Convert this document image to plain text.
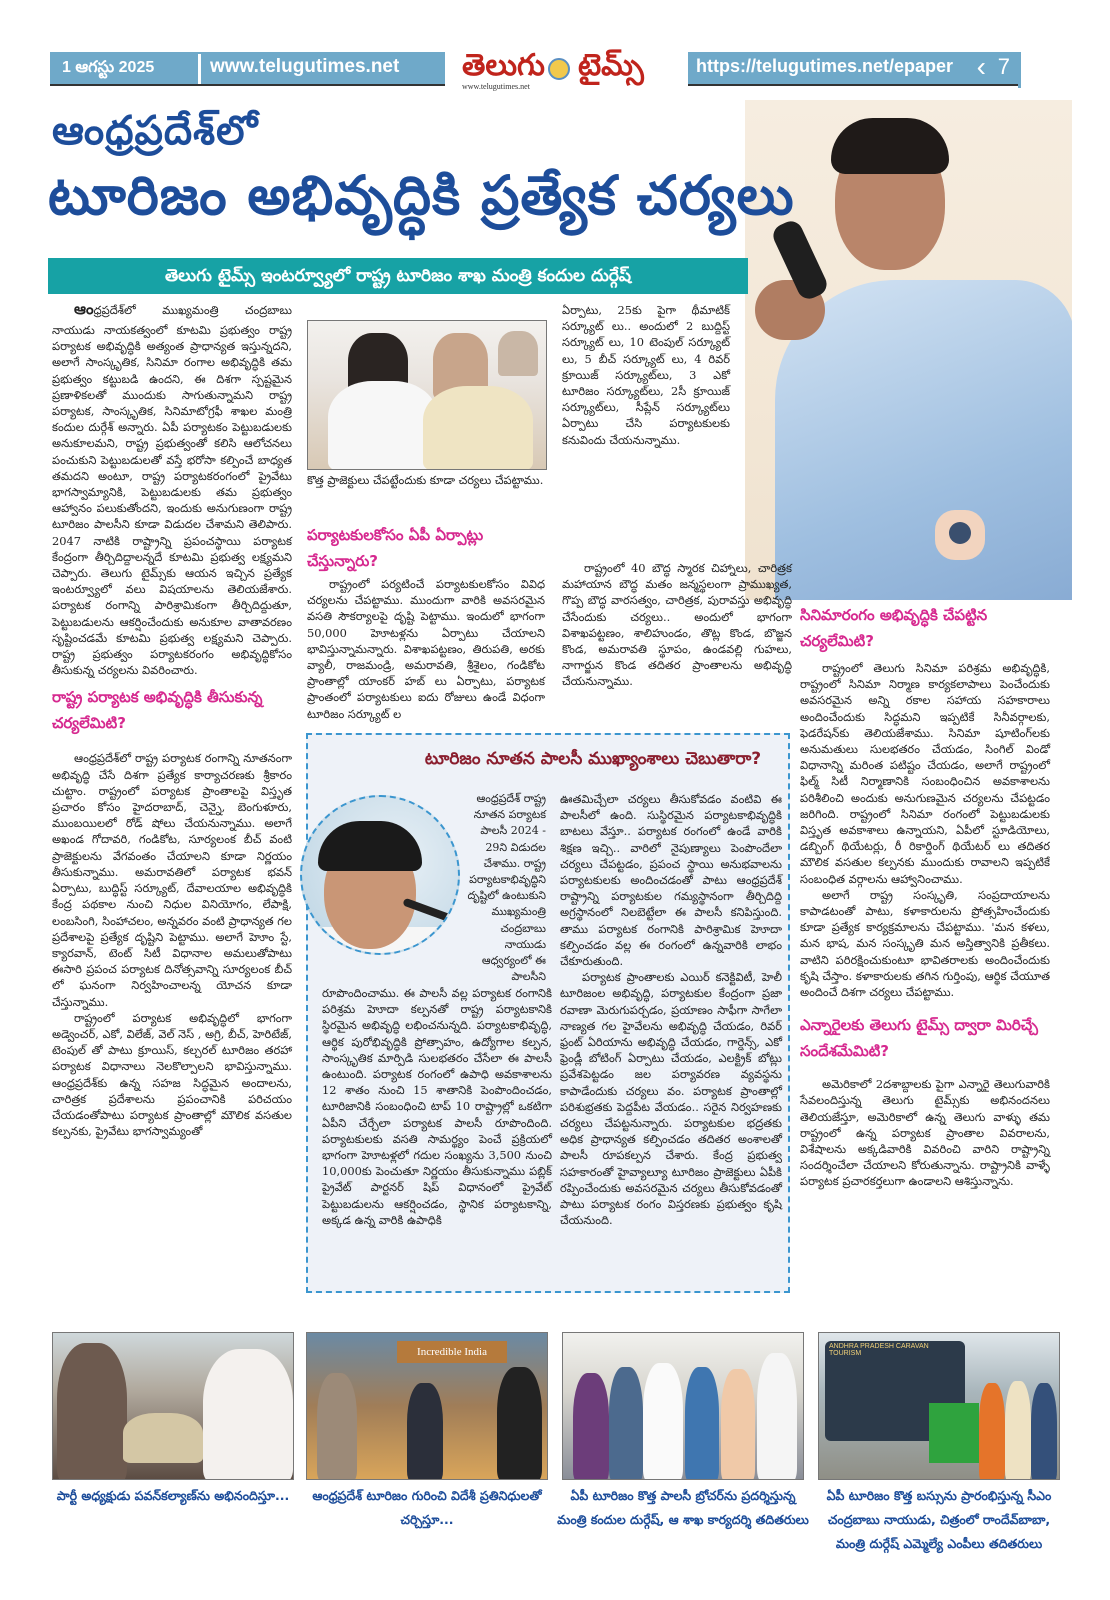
1 ఆగస్టు 2025	www.telugutimes.net తెలుగు టైమ్స్
www.telugutimes.net
https://telugutimes.net/epaper ‹ 7
ఆంధ్రప్రదేశ్‌లో
టూరిజం అభివృద్ధికి ప్రత్యేక చర్యలు
తెలుగు టైమ్స్ ఇంటర్వ్యూలో రాష్ట్ర టూరిజం శాఖ మంత్రి కందుల దుర్గేష్

ఆంధ్రప్రదేశ్‌లో ముఖ్యమంత్రి చంద్రబాబు నాయుడు నాయకత్వంలో కూటమి ప్రభుత్వం రాష్ట్ర పర్యాటక అభివృద్ధికి అత్యంత ప్రాధాన్యత ఇస్తున్నదని, అలాగే సాంస్కృతిక, సినిమా రంగాల అభివృద్ధికి తమ ప్రభుత్వం కట్టుబడి ఉందని, ఈ దిశగా స్పష్టమైన ప్రణాళికలతో ముందుకు సాగుతున్నామని రాష్ట్ర పర్యాటక, సాంస్కృతిక, సినిమాటోగ్రఫీ శాఖల మంత్రి కందుల దుర్గేశ్ అన్నారు. ఏపీ పర్యాటకం పెట్టుబడులకు అనుకూలమని, రాష్ట్ర ప్రభుత్వంతో కలిసి ఆలోచనలు పంచుకుని పెట్టుబడులతో వస్తే భరోసా కల్పించే బాధ్యత తమదని అంటూ, రాష్ట్ర పర్యాటకరంగంలో ప్రైవేటు భాగస్వామ్యానికి, పెట్టుబడులకు తమ ప్రభుత్వం ఆహ్వానం పలుకుతోందని, ఇందుకు అనుగుణంగా రాష్ట్ర టూరిజం పాలసీని కూడా విడుదల చేశామని తెలిపారు. 2047 నాటికి రాష్ట్రాన్ని ప్రపంచస్థాయి పర్యాటక కేంద్రంగా తీర్చిదిద్దాలన్నదే కూటమి ప్రభుత్వ లక్ష్యమని చెప్పారు. తెలుగు టైమ్స్‌కు ఆయన ఇచ్చిన ప్రత్యేక ఇంటర్వ్యూలో వలు విషయాలను తెలియజేశారు. పర్యాటక రంగాన్ని పారిశ్రామికంగా తీర్చిదిద్దుతూ, పెట్టుబడులను ఆకర్షించేందుకు అనుకూల వాతావరణం సృష్టించడమే కూటమి ప్రభుత్వ లక్ష్యమని చెప్పారు. రాష్ట్ర ప్రభుత్వం పర్యాటకరంగం అభివృద్ధికోసం తీసుకున్న చర్యలను వివరించారు.

రాష్ట్ర పర్యాటక అభివృద్ధికి తీసుకున్న చర్యలేమిటి?

ఆంధ్రప్రదేశ్‌లో రాష్ట్ర పర్యాటక రంగాన్ని నూతనంగా అభివృద్ధి చేసే దిశగా ప్రత్యేక కార్యాచరణకు శ్రీకారం చుట్టాం. రాష్ట్రంలో పర్యాటక ప్రాంతాలపై విస్తృత ప్రచారం కోసం హైదరాబాద్, చెన్నై, బెంగుళూరు, ముంబయిలలో రోడ్ షోలు చేయనున్నాము. అలాగే అఖండ గోదావరి, గండికోట, సూర్యలంక బీచ్ వంటి ప్రాజెక్టులను వేగవంతం చేయాలని కూడా నిర్ణయం తీసుకున్నాము. అమరావతిలో పర్యాటక భవన్ ఏర్పాటు, బుద్ధిస్ట్ సర్క్యూట్, దేవాలయాల అభివృద్ధికి కేంద్ర పథకాల నుంచి నిధుల వినియోగం, లేపాక్షి, లంబసింగి, సింహాచలం, అన్నవరం వంటి ప్రాధాన్యత గల ప్రదేశాలపై ప్రత్యేక దృష్టిని పెట్టాము. అలాగే హెూం స్టే, క్యారవాన్, టెంట్ సిటీ విధానాల అమలుతోపాటు ఈసారి ప్రపంచ పర్యాటక దినోత్సవాన్ని సూర్యలంక బీచ్ లో ఘనంగా నిర్వహించాలన్న యోచన కూడా చేస్తున్నాము.

రాష్ట్రంలో పర్యాటక అభివృద్ధిలో భాగంగా అడ్వెంచర్, ఎకో, విలేజ్, వెల్ నెస్ , అగ్రి, బీచ్, హెరిటేజ్, టెంపుల్ తో పాటు క్రూయిస్, కల్చరల్ టూరిజం తరహా పర్యాటక విధానాలు నెలకొల్పాలని భావిస్తున్నాము. ఆంధ్రప్రదేశ్‌కు ఉన్న సహజ సిద్ధమైన అందాలను, చారిత్రక ప్రదేశాలను ప్రపంచానికి పరిచయం చేయడంతోపాటు పర్యాటక ప్రాంతాల్లో మౌలిక వసతుల కల్పనకు, ప్రైవేటు భాగస్వామ్యంతో

కొత్త ప్రాజెక్టులు చేపట్టేందుకు కూడా చర్యలు చేపట్టాము.
పర్యాటకులకోసం ఏపీ ఏర్పాట్లు చేస్తున్నారు?

రాష్ట్రంలో పర్యటించే పర్యాటకులకోసం వివిధ చర్యలను చేపట్టాము. ముందుగా వారికి అవసరమైన వసతి సౌకర్యాలపై దృష్టి పెట్టాము. ఇందులో భాగంగా 50,000 హెూటళ్లను ఏర్పాటు చేయాలని భావిస్తున్నామన్నారు. విశాఖపట్టణం, తిరుపతి, అరకు వ్యాలీ, రాజమండ్రి, అమరావతి, శ్రీశైలం, గండికోట ప్రాంతాల్లో యాంకర్ హబ్ లు ఏర్పాటు, పర్యాటక ప్రాంతంలో పర్యాటకులు ఐదు రోజులు ఉండే విధంగా టూరిజం సర్క్యూట్ ల

ఏర్పాటు, 25కు పైగా థీమాటిక్ సర్క్యూట్ లు.. అందులో 2 బుద్దిస్ట్ సర్క్యూట్ లు, 10 టెంపుల్ సర్క్యూట్ లు, 5 బీచ్ సర్క్యూట్ లు, 4 రివర్ క్రూయిజ్ సర్క్యూట్‌లు, 3 ఎకో టూరిజం సర్క్యూట్‌లు, 2సీ క్రూయిజ్ సర్క్యూట్‌లు, సీప్లేన్ సర్క్యూట్‌లు ఏర్పాటు చేసి పర్యాటకులకు కనువిందు చేయనున్నాము.

రాష్ట్రంలో 40 బౌద్ధ స్మారక చిహ్నాలు, చారిత్రక మహాయాన బౌద్ధ మతం జన్మస్థలంగా ప్రాముఖ్యత, గొప్ప బౌద్ధ వారసత్వం, చారిత్రక, పురావస్తు అభివృద్ధి చేసేందుకు చర్యలు.. అందులో భాగంగా విశాఖపట్టణం, శాలిహుండం, తొట్ల కొండ, బొజ్జన కొండ, అమరావతి స్థూపం, ఉండవల్లి గుహలు, నాగార్జున కొండ తదితర ప్రాంతాలను అభివృద్ధి చేయనున్నాము.

సినిమారంగం అభివృద్ధికి చేపట్టిన చర్యలేమిటి?

రాష్ట్రంలో తెలుగు సినిమా పరిశ్రమ అభివృద్ధికి, రాష్ట్రంలో సినిమా నిర్మాణ కార్యకలాపాలు పెంచేందుకు అవసరమైన అన్ని రకాల సహాయ సహకారాలు అందించేందుకు సిద్ధమని ఇప్పటికే సినీవర్గాలకు, ఫెడరేషన్‌కు తెలియజేశాము. సినిమా షూటింగ్‌లకు అనుమతులు సులభతరం చేయడం, సింగిల్ విండో విధానాన్ని మరింత పటిష్టం చేయడం, అలాగే రాష్ట్రంలో ఫిల్మ్ సిటీ నిర్మాణానికి సంబంధించిన అవకాశాలను పరిశీలించి అందుకు అనుగుణమైన చర్యలను చేపట్టడం జరిగింది. రాష్ట్రంలో సినిమా రంగంలో పెట్టుబడులకు విస్తృత అవకాశాలు ఉన్నాయని, ఏపీలో స్టూడియోలు, డబ్బింగ్ థియేటర్లు, రీ రికార్డింగ్ థియేటర్ లు తదితర మౌలిక వసతుల కల్పనకు ముందుకు రావాలని ఇప్పటికే సంబంధిత వర్గాలను ఆహ్వానించాము.

అలాగే రాష్ట్ర సంస్కృతి, సంప్రదాయాలను కాపాడటంతో పాటు, కళాకారులను ప్రోత్సహించేందుకు కూడా ప్రత్యేక కార్యక్రమాలను చేపట్టాము. 'మన కళలు, మన భాష, మన సంస్కృతి మన అస్తిత్వానికి ప్రతీకలు. వాటిని పరిరక్షించుకుంటూ భావితరాలకు అందించేందుకు కృషి చేస్తాం. కళాకారులకు తగిన గుర్తింపు, ఆర్థిక చేయూత అందించే దిశగా చర్యలు చేపట్టాము.

ఎన్నారైలకు తెలుగు టైమ్స్ ద్వారా మిరిచ్చే సందేశమేమిటి?

అమెరికాలో 2దశాబ్దాలకు పైగా ఎన్నారై తెలుగువారికి సేవలందిస్తున్న తెలుగు టైమ్స్‌కు అభినందనలు తెలియజేస్తూ, అమెరికాలో ఉన్న తెలుగు వాళ్ళు తమ రాష్ట్రంలో ఉన్న పర్యాటక ప్రాంతాల వివరాలను, విశేషాలను అక్కడివారికి వివరించి వారిని రాష్ట్రాన్ని సందర్శించేలా చేయాలని కోరుతున్నాను. రాష్ట్రానికి వాళ్ళే పర్యాటక ప్రచారకర్తలుగా ఉండాలని ఆశిస్తున్నాను.

టూరిజం నూతన పాలసీ ముఖ్యాంశాలు చెబుతారా?
ఆంధ్రప్రదేశ్ రాష్ట్ర నూతన పర్యాటక పాలసీ 2024 - 29ని విడుదల చేశాము. రాష్ట్ర పర్యాటకాభివృద్ధిని దృష్టిలో ఉంటుకుని ముఖ్యమంత్రి చంద్రబాబు నాయుడు ఆధ్వర్యంలో ఈ పాలసీని

రూపొందించాము. ఈ పాలసీ వల్ల పర్యాటక రంగానికి పరిశ్రమ హెూదా కల్పనతో రాష్ట్ర పర్యాటకానికి స్థిరమైన అభివృద్ధి లభించనున్నది. పర్యాటకాభివృద్ధి, ఆర్థిక పురోభివృద్ధికి ప్రోత్సాహం, ఉద్యోగాల కల్పన, సాంస్కృతిక మార్పిడి సులభతరం చేసేలా ఈ పాలసీ ఉంటుంది. పర్యాటక రంగంలో ఉపాధి అవకాశాలను 12 శాతం నుంచి 15 శాతానికి పెంపొందించడం, టూరిజానికి సంబంధించి టాప్ 10 రాష్ట్రాల్లో ఒకటిగా ఏపీని చేర్చేలా పర్యాటక పాలసీ రూపొందింది. పర్యాటకులకు వసతి సామర్థ్యం పెంచే ప్రక్రియలో భాగంగా హెూటళ్లలో గదుల సంఖ్యను 3,500 నుంచి 10,000కు పెంచుతూ నిర్ణయం తీసుకున్నాము పబ్లిక్ ప్రైవేట్ పార్టనర్ షిప్ విధానంలో ప్రైవేట్ పెట్టుబడులను ఆకర్షించడం, స్థానిక పర్యాటకాన్ని, అక్కడ ఉన్న వారికి ఉపాధికి

ఊతమిచ్చేలా చర్యలు తీసుకోవడం వంటివి ఈ పాలసీలో ఉంది. సుస్థిరమైన పర్యాటకాభివృద్ధికి బాటలు వేస్తూ.. పర్యాటక రంగంలో ఉండే వారికి శిక్షణ ఇచ్చి.. వారిలో నైపుణ్యాలు పెంపొందేలా చర్యలు చేపట్టడం, ప్రపంచ స్థాయి అనుభవాలను పర్యాటకులకు అందించడంతో పాటు ఆంధ్రప్రదేశ్ రాష్ట్రాన్ని పర్యాటకుల గమ్యస్థానంగా తీర్చిదిద్ది అగ్రస్థానంలో నిలబెట్టేలా ఈ పాలసీ కనిపిస్తుంది. తాము పర్యాటక రంగానికి పారిశ్రామిక హెూదా కల్పించడం వల్ల ఈ రంగంలో ఉన్నవారికి లాభం చేకూరుతుంది.

పర్యాటక ప్రాంతాలకు ఎయిర్ కనెక్టివిటీ, హెలీ టూరిజంల అభివృద్ధి, పర్యాటకుల కేంద్రంగా ప్రజా రవాణా మెరుగుపర్చడం, ప్రయాణం సాఫీగా సాగేలా నాణ్యత గల హైవేలను అభివృద్ధి చేయడం, రివర్ ఫ్రంట్ ఏరియాను అభివృద్ధి చేయడం, గార్డెన్స్, ఎకో ఫ్రెండ్లీ బోటింగ్ ఏర్పాటు చేయడం, ఎలక్ట్రిక్ బోట్లు ప్రవేశపెట్టడం జల పర్యావరణ వ్యవస్థను కాపాడేందుకు చర్యలు వం. పర్యాటక ప్రాంతాల్లో పరిశుభ్రతకు పెద్దపీట వేయడం.. సరైన నిర్వహణకు చర్యలు చేపట్టనున్నారు. పర్యాటకుల భద్రతకు అధిక ప్రాధాన్యత కల్పించడం తదితర అంశాలతో పాలసీ రూపకల్పన చేశారు. కేంద్ర ప్రభుత్వ సహకారంతో హైవ్యాల్యూ టూరిజం ప్రాజెక్టులు ఏపీకి రప్పించేందుకు అవసరమైన చర్యలు తీసుకోవడంతో పాటు పర్యాటక రంగం విస్తరణకు ప్రభుత్వం కృషి చేయనుంది.

పార్టీ అధ్యక్షుడు పవన్‌కల్యాణ్‌ను అభినందిస్తూ...
Incredible India
ఆంధ్రప్రదేశ్ టూరిజం గురించి విదేశీ ప్రతినిధులతో చర్చిస్తూ...
ఏపీ టూరిజం కొత్త పాలసీ బ్రోచర్‌ను ప్రదర్శిస్తున్న మంత్రి కందుల దుర్గేష్, ఆ శాఖ కార్యదర్శి తదితరులు
ANDHRA PRADESH CARAVAN TOURISM
ఏపీ టూరిజం కొత్త బస్సును ప్రారంభిస్తున్న సీఎం చంద్రబాబు నాయుడు, చిత్రంలో రాందేవ్‌బాబా, మంత్రి దుర్గేష్ ఎమ్మెల్యే ఎంపీలు తదితరులు
